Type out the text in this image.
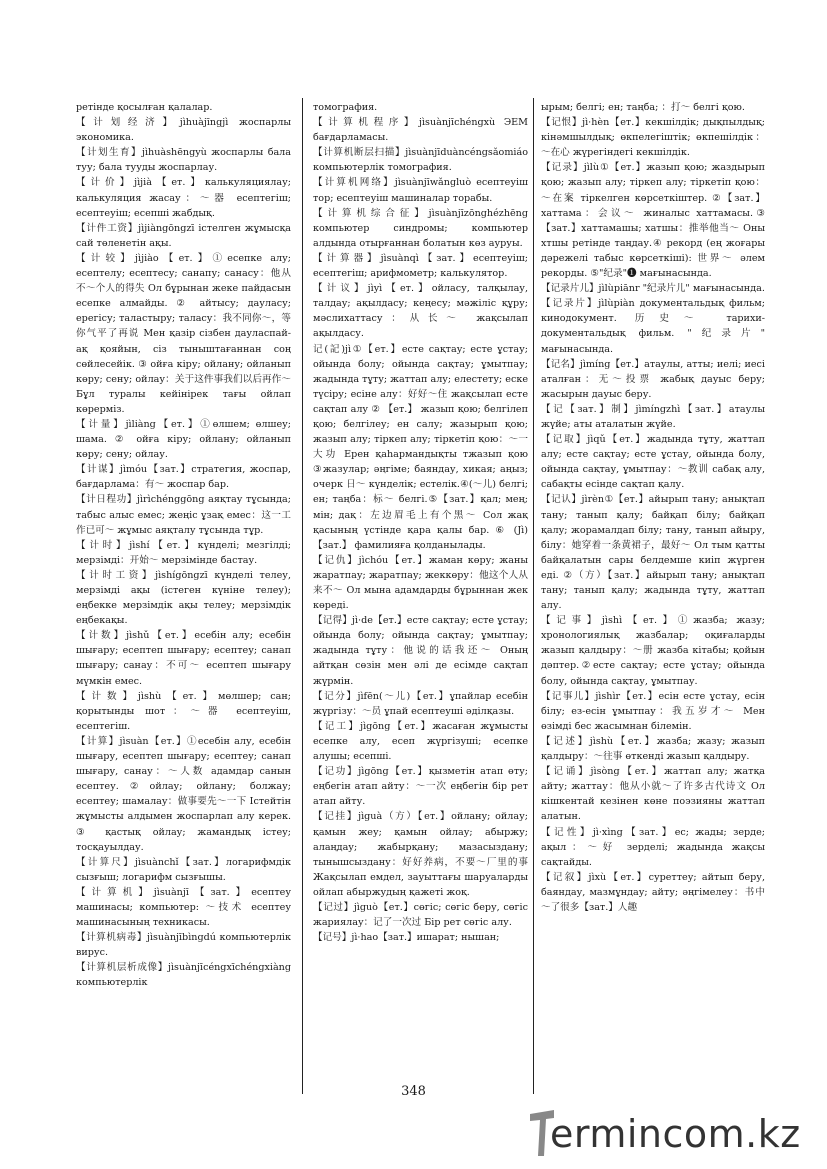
ретінде қосылған қалалар.

【计划经济】jìhuàjīngjì жоспарлы экономика.

【计划生育】jìhuàshēngyù жоспарлы бала туу; бала тууды жоспарлау.

【计价】jìjià【ет.】калькуляциялау; калькуляция жасау：～器 есептегіш; есептеуіш; есепші жабдық.

【计件工资】jìjiàngōngzī істелген жұмысқа сай төленетін ақы.

【计较】jìjiào【ет.】①есепке алу; есептелу; есептесу; санапу; санасу：他从不～个人的得失 Ол бұрынан жеке пайдасын есепке алмайды. ② айтысу; дауласу; ерегісу; таластыру; таласу：我不同你～，等你气平了再说 Мен қазір сізбен дауласпай-ақ қояйын, сіз тыныштағаннан соң сөйлесейік. ③ ойға кіру; ойлану; ойланып көру; сену; ойлау：关于这件事我们以后再作～ Бұл туралы кейінірек тағы ойлап көрерміз.

【计量】jìliàng【ет.】①өлшем; өлшеу; шама. ② ойға кіру; ойлану; ойланып көру; сену; ойлау.

【计谋】jìmóu【зат.】стратегия, жоспар, бағдарлама：有～ жоспар бар.

【计日程功】jìrìchénggōng аяқтау тұсында; табыс алыс емес; жеңіс ұзақ емес：这一工作已可～ жұмыс аяқталу тұсында тұр.

【计时】jìshí【ет.】күнделі; мезгілді; мерзімді：开始～ мерзімінде бастау.

【计时工资】jìshígōngzī күнделі телеу, мерзімді ақы (істеген күніне телеу); еңбекке мерзімдік ақы телеу; мерзімдік еңбекақы.

【计数】jìshǔ【ет.】есебін алу; есебін шығару; есептеп шығару; есептеу; санап шығару; санау：不可～ есептеп шығару мүмкін емес.

【计数】jìshù【ет.】мөлшер; сан; қорытынды шот：～器 есептеуіш, есептегіш.

【计算】jìsuàn【ет.】①есебін алу, есебін шығару, есептеп шығару; есептеу; санап шығару, санау：～人数 адамдар санын есептеу.②ойлау; ойлану; болжау; есептеу; шамалау：做事要先～一下 Істейтін жұмысты алдымен жоспарлап алу керек. ③ қастық ойлау; жамандық істеу; тосқауылдау.

【计算尺】jìsuànchǐ【зат.】логарифмдік сызғыш; логарифм сызғышы.

【计算机】jìsuànjī【зат.】есептеу машинасы; компьютер: ～技术 есептеу машинасының техникасы.

【计算机病毒】jìsuànjībìngdú компьютерлік вирус.

【计算机层析成像】jìsuànjīcéngxīchéngxiàng компьютерлік

томография.

【计算机程序】jìsuànjīchéngxù ЭЕМ бағдарламасы.

【计算机断层扫描】jìsuànjīduàncéngsǎomiáo компьютерлік томография.

【计算机网络】jìsuànjīwǎngluò есептеуіш тор; есептеуіш машиналар торабы.

【计算机综合征】jìsuànjīzōnghézhēng компьютер синдромы; компьютер алдында отырғаннан болатын көз ауруы.

【计算器】jìsuànqì【зат.】есептеуіш; есептегіш; арифмометр; калькулятор.

【计议】jìyì【ет.】ойласу, талқылау, талдау; ақылдасу; кеңесу; мәжіліс құру; мәслихаттасу：从长～ жақсылап ақылдасу.

记(記)jì①【ет.】есте сақтау; есте ұстау; ойында болу; ойында сақтау; ұмытпау; жадында тұту; жаттап алу; елестету; еске түсіру; есіне алу：好好～住 жақсылап есте сақтап алу ② 【ет.】 жазып қою; белгілеп қою; белгілеу; ен салу; жазырып қою; жазып алу; тіркеп алу; тіркетіп қою：～一大功 Ерен қаһармандықты тжазып қою ③жазулар; әңгіме; баяндау, хикая; аңыз; очерк 日～ күнделік; естелік.④(～儿) белгі; ен; таңба：标～ белгі.⑤【зат.】қал; мең; мін; дақ：左边眉毛上有个黑～ Сол жақ қасының үстінде қара қалы бар. ⑥ (Jì) 【зат.】 фамилияға қолданылады.

【记仇】jìchóu【ет.】жаман көру; жаны жаратпау; жаратпау; жеккөру：他这个人从来不～ Ол мына адамдарды бұрыннан жек көреді.

【记得】jì·de【ет.】есте сақтау; есте ұстау; ойында болу; ойында сақтау; ұмытпау; жадында тұту：他说的话我还～ Оның айтқан сөзін мен әлі де есімде сақтап жүрмін.

【记分】jìfēn(～儿)【ет.】ұпайлар есебін жүргізу：～员 ұпай есептеуші әділқазы.

【记工】jìgōng【ет.】жасаған жұмысты есепке алу, есеп жүргізуші; есепке алушы; есепші.

【记功】jìgōng【ет.】қызметін атап өту; еңбегін атап айту：～一次 еңбегін бір рет атап айту.

【记挂】jìguà（方）【ет.】ойлану; ойлау; қамын жеу; қамын ойлау; абыржу; алаңдау; жабырқану; мазасыздану; тынышсыздану：好好养病，不要～厂里的事 Жақсылап емдел, зауыттағы шаруаларды ойлап абыржудың қажеті жоқ.

【记过】jìguò【ет.】сөгіс; сөгіс беру, сөгіс жариялау：记了一次过 Бір рет сөгіс алу.

【记号】jì·hao【зат.】ишарат; нышан;

ырым; белгі; ен; таңба; ：打～ белгі қою.

【记恨】jì·hèn【ет.】кекшілдік; дықпылдық; кінәмшылдық; өкпелегіштік; өкпешілдік：～在心 жүрегіндегі кекшілдік.

【记录】jìlù①【ет.】жазып қою; жаздырып қою; жазып алу; тіркеп алу; тіркетіп қою：～在案 тіркелген көрсеткіштер. ②【зат.】хаттама：会议～ жиналыс хаттамасы.③【зат.】хаттамашы; хатшы：推举他当～ Оны хтшы ретінде таңдау.④ рекорд (ең жоғары дәрежелі табыс көрсеткіші): 世界～ әлем рекорды. ⑤"纪录"❶ мағынасында.

【记录片儿】jìlùpiānr "纪录片儿" мағынасында.

【记录片】jìlùpiàn документальдық фильм; кинодокумент. 历史～ тарихи-документальдық фильм. "纪录片" мағынасында.

【记名】jìmíng【ет.】атаулы, атты; иелі; иесі аталған：无～投票 жабық дауыс беру; жасырын дауыс беру.

【记【зат.】制】jìmíngzhì【зат.】атаулы жүйе; аты аталатын жүйе.

【记取】jìqǔ【ет.】жадында тұту, жаттап алу; есте сақтау; есте ұстау, ойында болу, ойында сақтау, ұмытпау：～教训 сабақ алу, сабақты есінде сақтап қалу.

【记认】jìrèn①【ет.】айырып тану; анықтап тану; танып қалу; байқап білу; байқап қалу; жорамалдап білу; тану, танып айыру, білу：她穿着一条黄裙子，最好～ Ол тым қатты байқалатын сары белдемше киіп жүрген еді. ②（方）【зат.】айырып тану; анықтап тану; танып қалу; жадында тұту, жаттап алу.

【记事】jìshì【ет.】①жазба; жазу; хронологиялық жазбалар; оқиғаларды жазып қалдыру：～册 жазба кітабы; қойын дәптер.②есте сақтау; есте ұстау; ойында болу, ойында сақтау, ұмытпау.

【记事儿】jìshìr【ет.】есін есте ұстау, есін білу; ез-есін ұмытпау：我五岁才～ Мен өзімді бес жасымнан білемін.

【记述】jìshù【ет.】жазба; жазу; жазып қалдыру：～往事 өткенді жазып қалдыру.

【记诵】jìsòng【ет.】жаттап алу; жатқа айту; жаттау：他从小就～了许多古代诗文 Ол кішкентай кезінен көне поэзияны жаттап алатын.

【记性】jì·xìng【зат.】ес; жады; зерде; ақыл：～好 зерделі; жадында жақсы сақтайды.

【记叙】jìxù【ет.】суреттеу; айтып беру, баяндау, мазмұндау; айту; әңгімелеу：书中～了很多【зат.】人趣

348
ermincom.kz
